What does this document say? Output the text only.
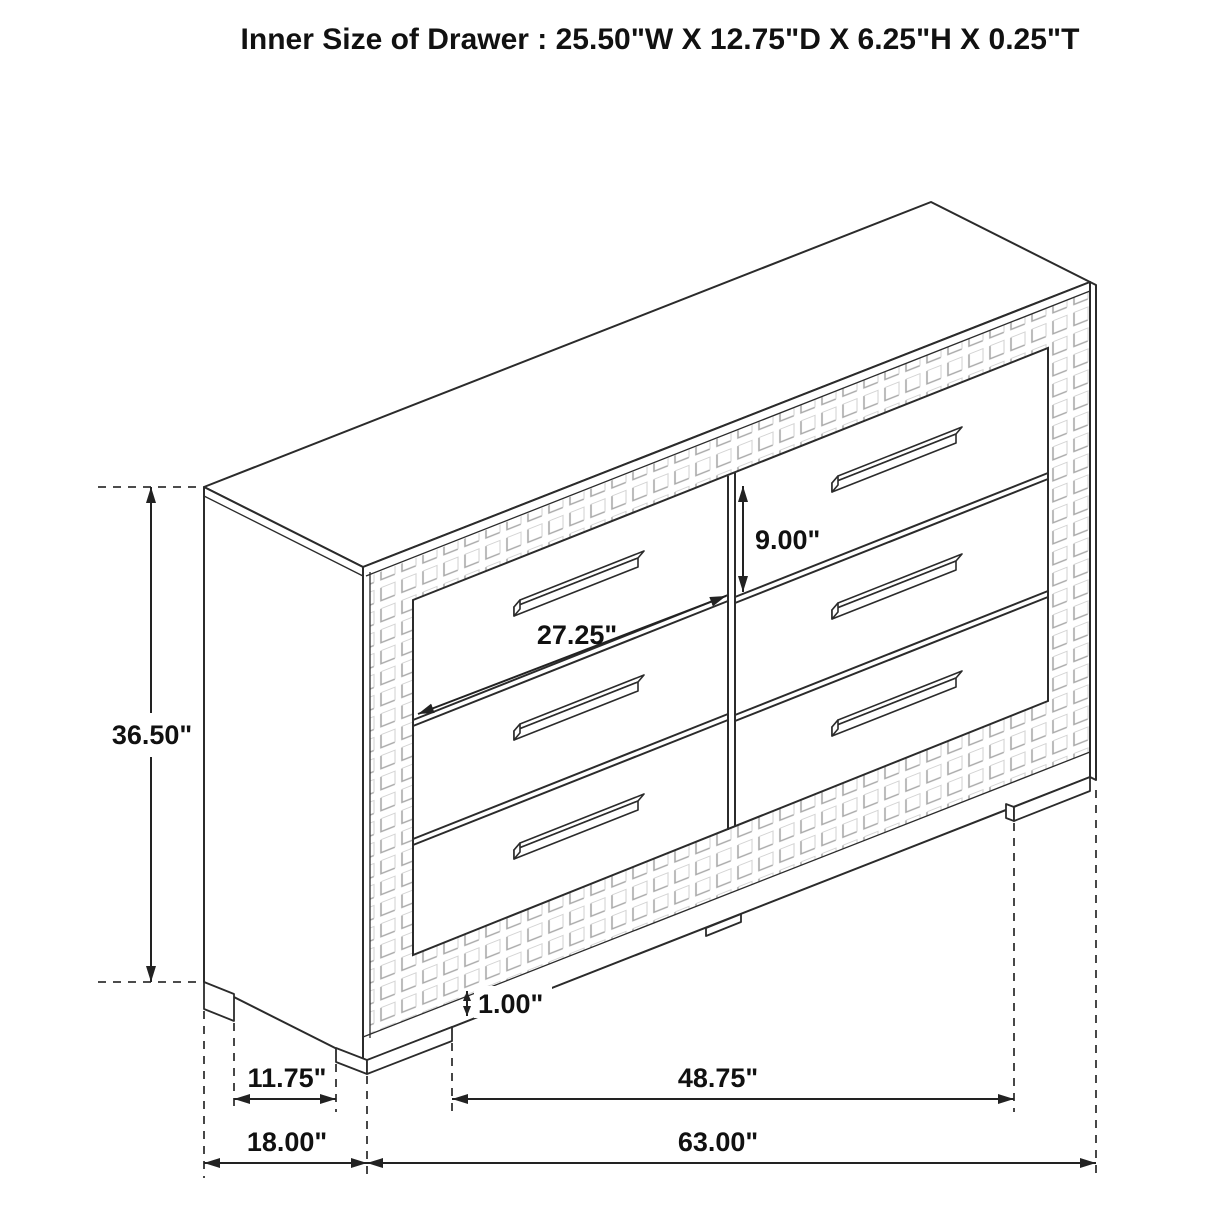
36.50"
9.00"
27.25"
1.00"
11.75"	48.75"
18.00"	63.00"
Inner Size of Drawer : 25.50"W X 12.75"D X 6.25"H X 0.25"T
